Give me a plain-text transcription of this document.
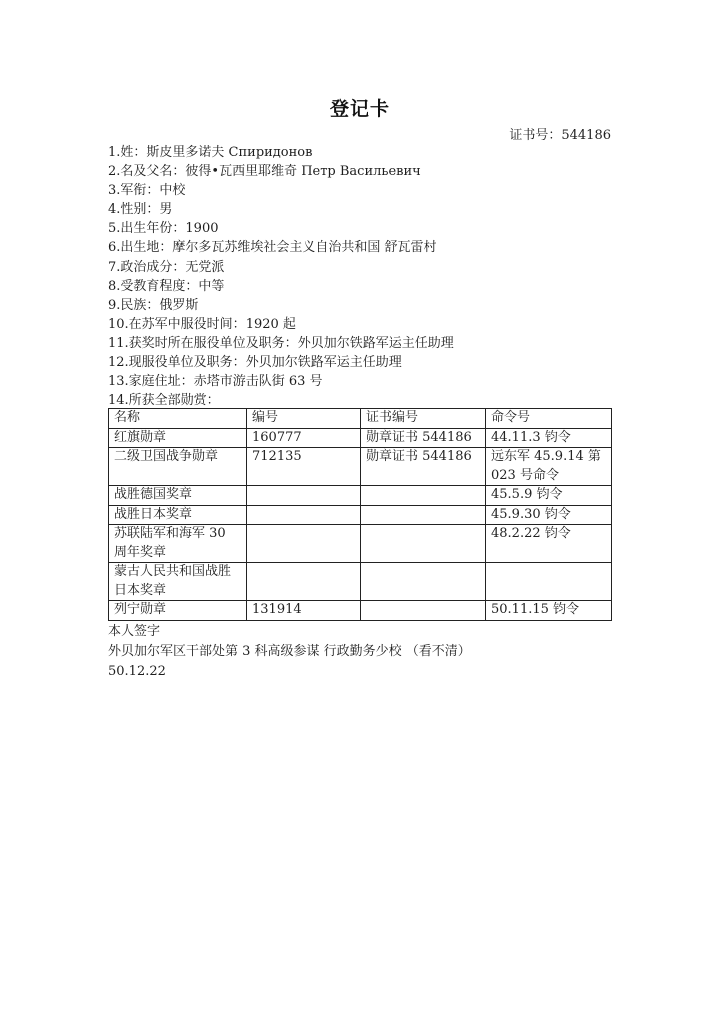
登记卡
证书号：544186
1.姓：斯皮里多诺夫 Спиридонов
2.名及父名：彼得•瓦西里耶维奇 Петр Васильевич
3.军衔：中校
4.性别：男
5.出生年份：1900
6.出生地：摩尔多瓦苏维埃社会主义自治共和国 舒瓦雷村
7.政治成分：无党派
8.受教育程度：中等
9.民族：俄罗斯
10.在苏军中服役时间：1920 起
11.获奖时所在服役单位及职务：外贝加尔铁路军运主任助理
12.现服役单位及职务：外贝加尔铁路军运主任助理
13.家庭住址：赤塔市游击队街 63 号
14.所获全部勋赏：
名称	编号	证书编号	命令号
红旗勋章	160777	勋章证书 544186	44.11.3 钧令
二级卫国战争勋章	712135	勋章证书 544186	远东军 45.9.14 第 023 号命令
战胜德国奖章			45.5.9 钧令
战胜日本奖章			45.9.30 钧令
苏联陆军和海军 30 周年奖章			48.2.22 钧令
蒙古人民共和国战胜日本奖章			
列宁勋章	131914		50.11.15 钧令
本人签字
外贝加尔军区干部处第 3 科高级参谋 行政勤务少校 （看不清）
50.12.22
